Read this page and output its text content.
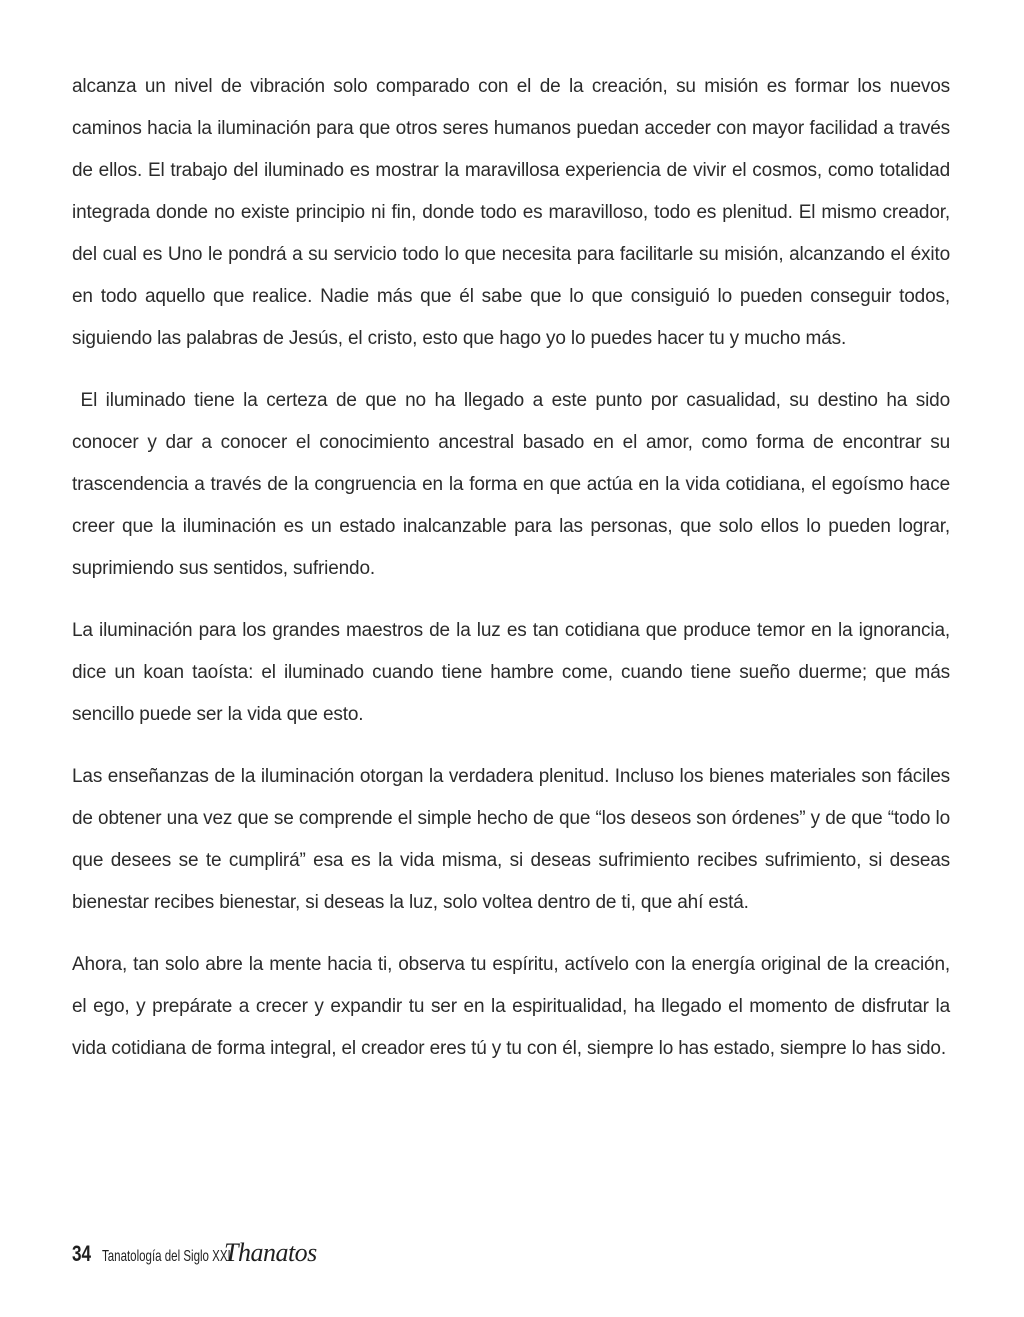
alcanza un nivel de vibración solo comparado con el de la creación, su misión es formar los nuevos caminos hacia la iluminación para que otros seres humanos puedan acceder con mayor facilidad a través de ellos. El trabajo del iluminado es mostrar la maravillosa experiencia de vivir el cosmos, como totalidad integrada donde no existe principio ni fin, donde todo es maravilloso, todo es plenitud. El mismo creador, del cual es Uno le pondrá a su servicio todo lo que necesita para facilitarle su misión, alcanzando el éxito en todo aquello que realice. Nadie más que él sabe que lo que consiguió lo pueden conseguir todos, siguiendo las palabras de Jesús, el cristo, esto que hago yo lo puedes hacer tu y mucho más.

El iluminado tiene la certeza de que no ha llegado a este punto por casualidad, su destino ha sido conocer y dar a conocer el conocimiento ancestral basado en el amor, como forma de encontrar su trascendencia a través de la congruencia en la forma en que actúa en la vida cotidiana, el egoísmo hace creer que la iluminación es un estado inalcanzable para las personas, que solo ellos lo pueden lograr, suprimiendo sus sentidos, sufriendo.

La iluminación para los grandes maestros de la luz es tan cotidiana que produce temor en la ignorancia, dice un koan taoísta: el iluminado cuando tiene hambre come, cuando tiene sueño duerme; que más sencillo puede ser la vida que esto.

Las enseñanzas de la iluminación otorgan la verdadera plenitud. Incluso los bienes materiales son fáciles de obtener una vez que se comprende el simple hecho de que “los deseos son órdenes” y de que “todo lo que desees se te cumplirá” esa es la vida misma, si deseas sufrimiento recibes sufrimiento, si deseas bienestar recibes bienestar, si deseas la luz, solo voltea dentro de ti, que ahí está.

Ahora, tan solo abre la mente hacia ti, observa tu espíritu, actívelo con la energía original de la creación, el ego, y prepárate a crecer y expandir tu ser en la espiritualidad, ha llegado el momento de disfrutar la vida cotidiana de forma integral, el creador eres tú y tu con él, siempre lo has estado, siempre lo has sido.

34 Tanatología del Siglo XXI
Thanatos
